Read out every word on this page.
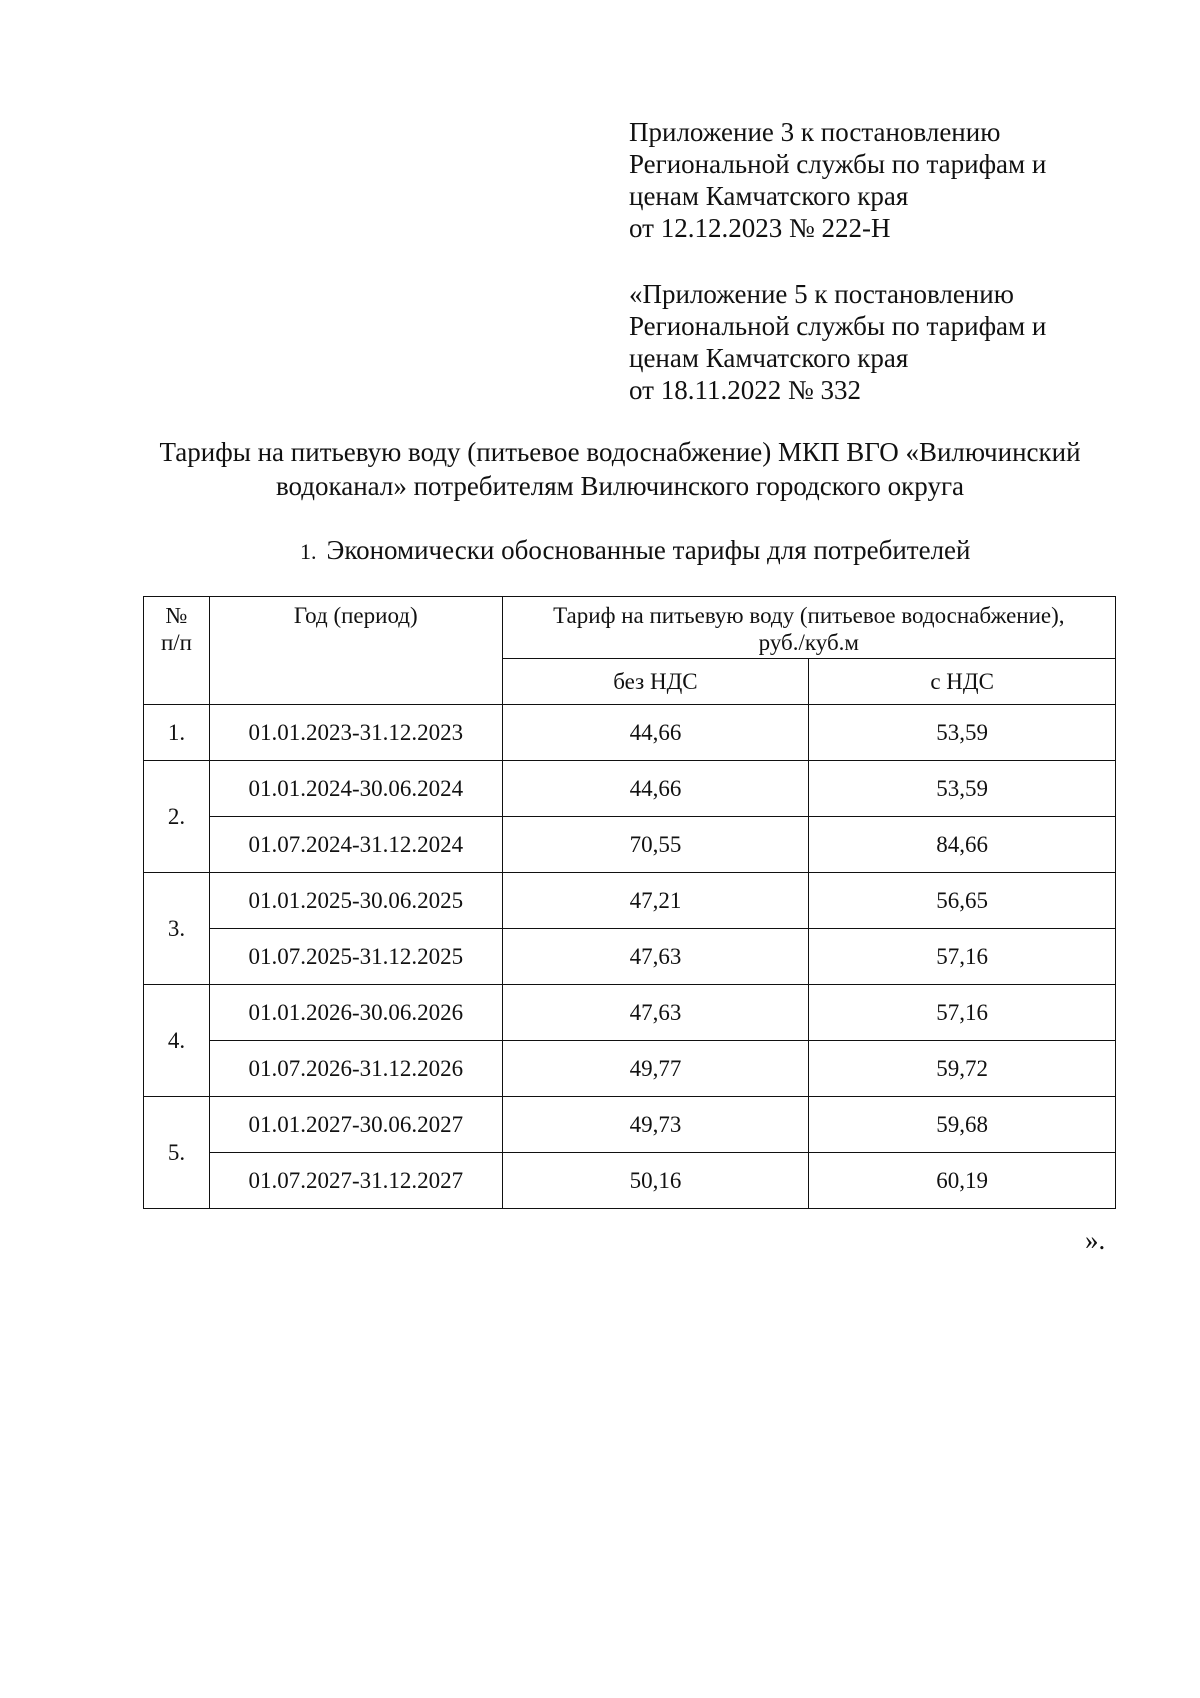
Приложение 3 к постановлению
Региональной службы по тарифам и
ценам Камчатского края
от 12.12.2023 № 222-Н
«Приложение 5 к постановлению
Региональной службы по тарифам и
ценам Камчатского края
от 18.11.2022 № 332
Тарифы на питьевую воду (питьевое водоснабжение) МКП ВГО «Вилючинский
водоканал» потребителям Вилючинского городского округа
1. Экономически обоснованные тарифы для потребителей
№
п/п	Год (период)	Тариф на питьевую воду (питьевое водоснабжение), руб./куб.м	
		без НДС	с НДС
1.	01.01.2023-31.12.2023	44,66	53,59
2.	01.01.2024-30.06.2024	44,66	53,59
	01.07.2024-31.12.2024	70,55	84,66
3.	01.01.2025-30.06.2025	47,21	56,65
	01.07.2025-31.12.2025	47,63	57,16
4.	01.01.2026-30.06.2026	47,63	57,16
	01.07.2026-31.12.2026	49,77	59,72
5.	01.01.2027-30.06.2027	49,73	59,68
	01.07.2027-31.12.2027	50,16	60,19
».
